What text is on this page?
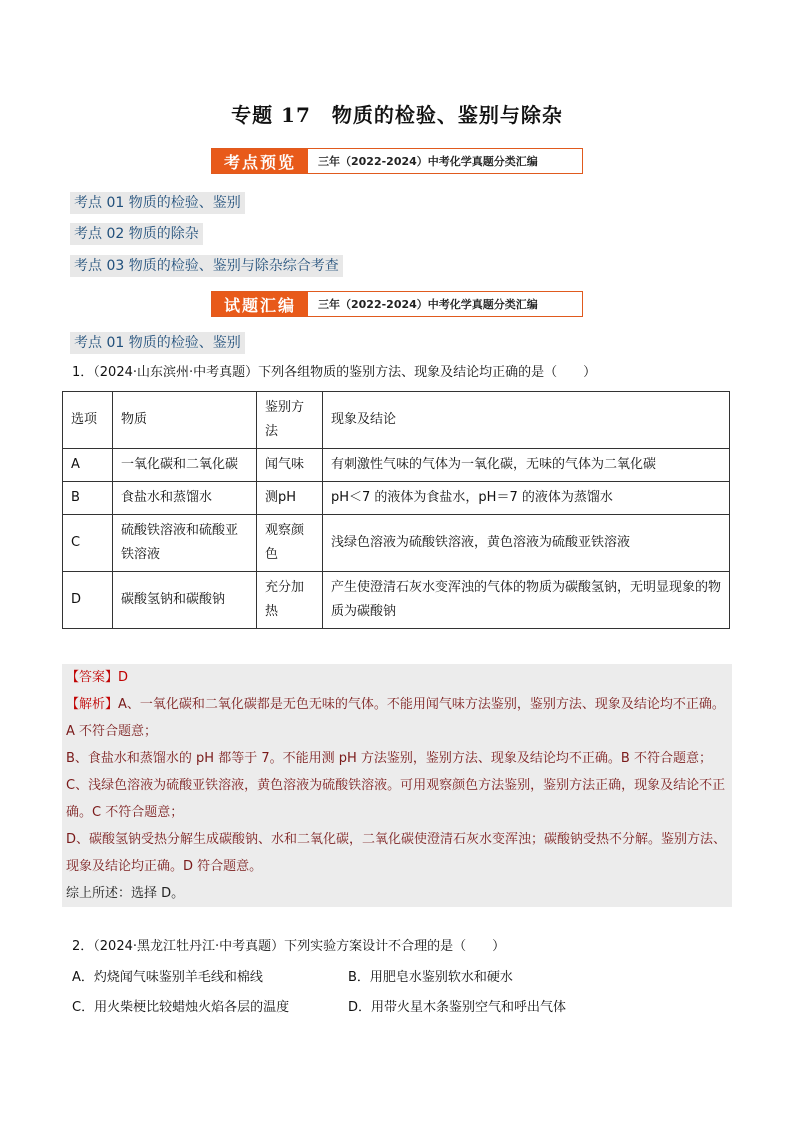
专题 17　物质的检验、鉴别与除杂
考点预览	三年（2022-2024）中考化学真题分类汇编
考点 01 物质的检验、鉴别
考点 02 物质的除杂
考点 03 物质的检验、鉴别与除杂综合考查
试题汇编	三年（2022-2024）中考化学真题分类汇编
考点 01 物质的检验、鉴别
1．（2024·山东滨州·中考真题）下列各组物质的鉴别方法、现象及结论均正确的是（　　）
选项	物质	鉴别方法	现象及结论
A	一氧化碳和二氧化碳	闻气味	有刺激性气味的气体为一氧化碳，无味的气体为二氧化碳
B	食盐水和蒸馏水	测pH	pH＜7 的液体为食盐水，pH＝7 的液体为蒸馏水
C	硫酸铁溶液和硫酸亚铁溶液	观察颜色	浅绿色溶液为硫酸铁溶液，黄色溶液为硫酸亚铁溶液
D	碳酸氢钠和碳酸钠	充分加热	产生使澄清石灰水变浑浊的气体的物质为碳酸氢钠，无明显现象的物质为碳酸钠

【答案】D

【解析】A、一氧化碳和二氧化碳都是无色无味的气体。不能用闻气味方法鉴别，鉴别方法、现象及结论均不正确。A 不符合题意；

B、食盐水和蒸馏水的 pH 都等于 7。不能用测 pH 方法鉴别，鉴别方法、现象及结论均不正确。B 不符合题意；

C、浅绿色溶液为硫酸亚铁溶液，黄色溶液为硫酸铁溶液。可用观察颜色方法鉴别，鉴别方法正确，现象及结论不正确。C 不符合题意；

D、碳酸氢钠受热分解生成碳酸钠、水和二氧化碳，二氧化碳使澄清石灰水变浑浊；碳酸钠受热不分解。鉴别方法、现象及结论均正确。D 符合题意。

综上所述：选择 D。

2．（2024·黑龙江牡丹江·中考真题）下列实验方案设计不合理的是（　　）
A．灼烧闻气味鉴别羊毛线和棉线	B．用肥皂水鉴别软水和硬水
C．用火柴梗比较蜡烛火焰各层的温度	D．用带火星木条鉴别空气和呼出气体
